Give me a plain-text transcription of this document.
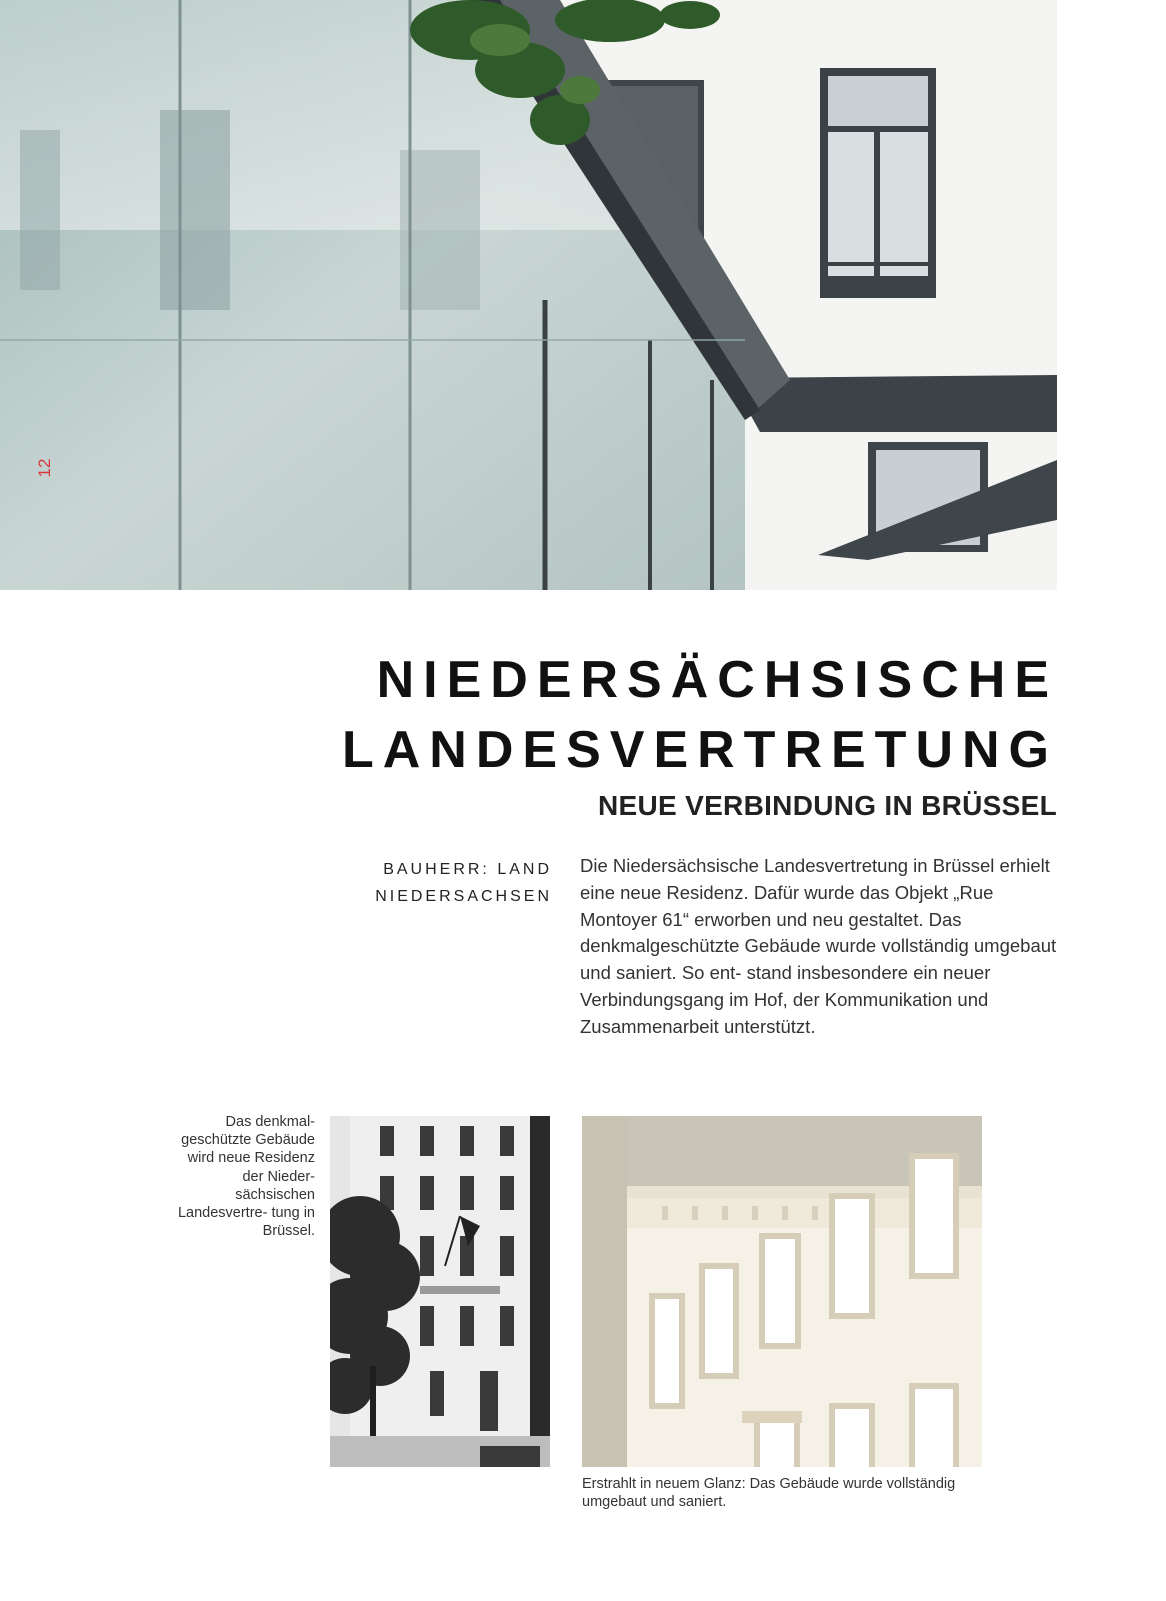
12
NIEDERSÄCHSISCHE
LANDESVERTRETUNG
NEUE VERBINDUNG IN BRÜSSEL
BAUHERR: LAND
NIEDERSACHSEN

Die Niedersächsische Landesvertretung in Brüssel erhielt eine neue Residenz. Dafür wurde das Objekt „Rue Montoyer 61“ erworben und neu gestaltet. Das denkmalgeschützte Gebäude wurde vollständig umgebaut und saniert. So ent- stand insbesondere ein neuer Verbindungsgang im Hof, der Kommunikation und Zusammenarbeit unterstützt.

Das denkmal- geschützte Gebäude wird neue Residenz der Nieder- sächsischen Landesvertre- tung in Brüssel.

Erstrahlt in neuem Glanz: Das Gebäude wurde vollständig umgebaut und saniert.
